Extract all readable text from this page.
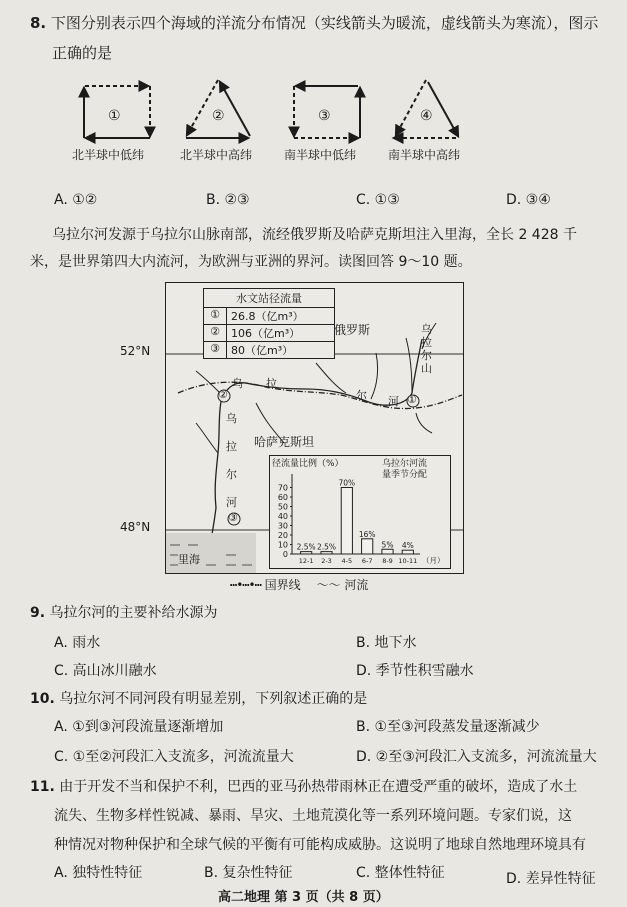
8. 下图分别表示四个海域的洋流分布情况（实线箭头为暖流，虚线箭头为寒流），图示
正确的是
①	②	③	④
北半球中低纬	北半球中高纬	南半球中低纬	南半球中高纬
A. ①②	B. ②③	C. ①③	D. ③④
乌拉尔河发源于乌拉尔山脉南部，流经俄罗斯及哈萨克斯坦注入里海，全长 2 428 千
米，是世界第四大内流河，为欧洲与亚洲的界河。读图回答 9～10 题。
水文站径流量
①	26.8（亿m³）
②	106（亿m³）
③	80（亿m³）
俄罗斯
哈萨克斯坦
里海
乌
拉
尔
山
乌 拉
尔 河
乌
拉
尔
河
①
②
③
径流量比例（%）	乌拉尔河流
量季节分配
0
10
20
30
40
50
60
70
2.5%
12-1
2.5%
2-3
70%
4-5
16%
6-7
5%
8-9
4%
10-11 （月）
52°N
48°N
┅•┅•┅ 国界线 〜〜 河流
9. 乌拉尔河的主要补给水源为
A. 雨水	B. 地下水
C. 高山冰川融水	D. 季节性积雪融水
10. 乌拉尔河不同河段有明显差别，下列叙述正确的是
A. ①到③河段流量逐渐增加	B. ①至③河段蒸发量逐渐减少
C. ①至②河段汇入支流多，河流流量大	D. ②至③河段汇入支流多，河流流量大
11. 由于开发不当和保护不利，巴西的亚马孙热带雨林正在遭受严重的破坏，造成了水土
流失、生物多样性锐减、暴雨、旱灾、土地荒漠化等一系列环境问题。专家们说，这
种情况对物种保护和全球气候的平衡有可能构成威胁。这说明了地球自然地理环境具有
A. 独特性特征	B. 复杂性特征	C. 整体性特征	D. 差异性特征
高二地理 第 3 页（共 8 页）
